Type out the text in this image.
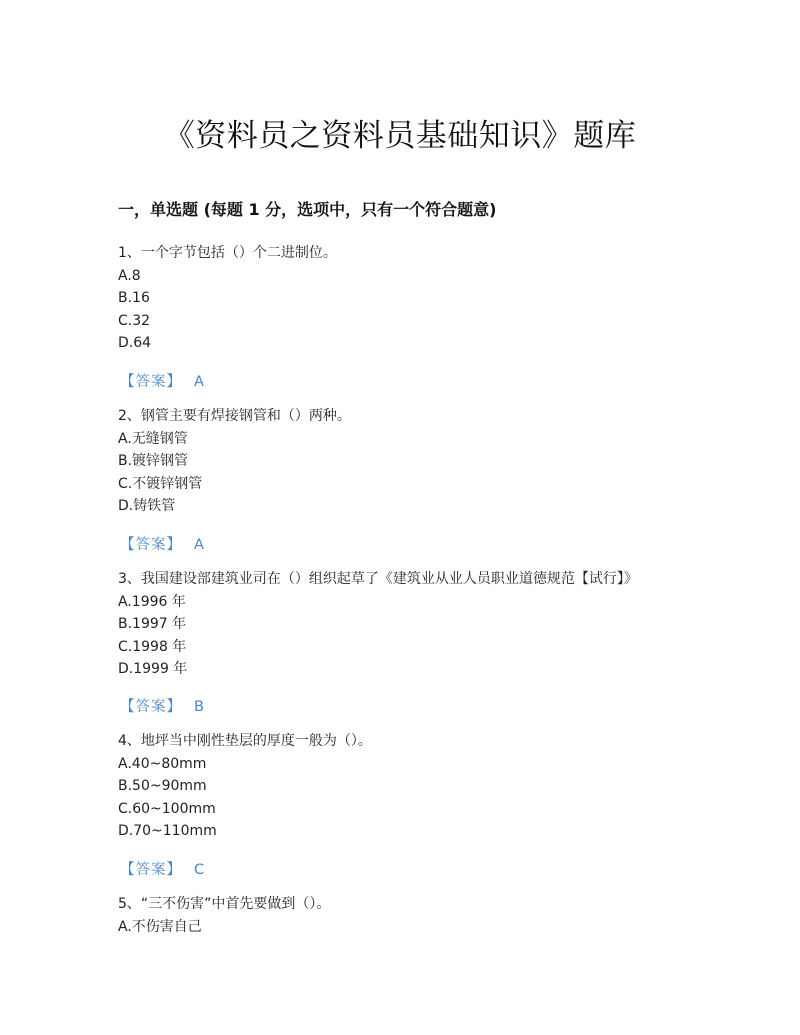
《资料员之资料员基础知识》题库
一，单选题 (每题 1 分，选项中，只有一个符合题意)

1、一个字节包括（）个二进制位。

A.8

B.16

C.32

D.64

【答案】 A

2、钢管主要有焊接钢管和（）两种。

A.无缝钢管

B.镀锌钢管

C.不镀锌钢管

D.铸铁管

【答案】 A

3、我国建设部建筑业司在（）组织起草了《建筑业从业人员职业道德规范【试行】》

A.1996 年

B.1997 年

C.1998 年

D.1999 年

【答案】 B

4、地坪当中刚性垫层的厚度一般为（）。

A.40~80mm

B.50~90mm

C.60~100mm

D.70~110mm

【答案】 C

5、“三不伤害”中首先要做到（）。

A.不伤害自己
